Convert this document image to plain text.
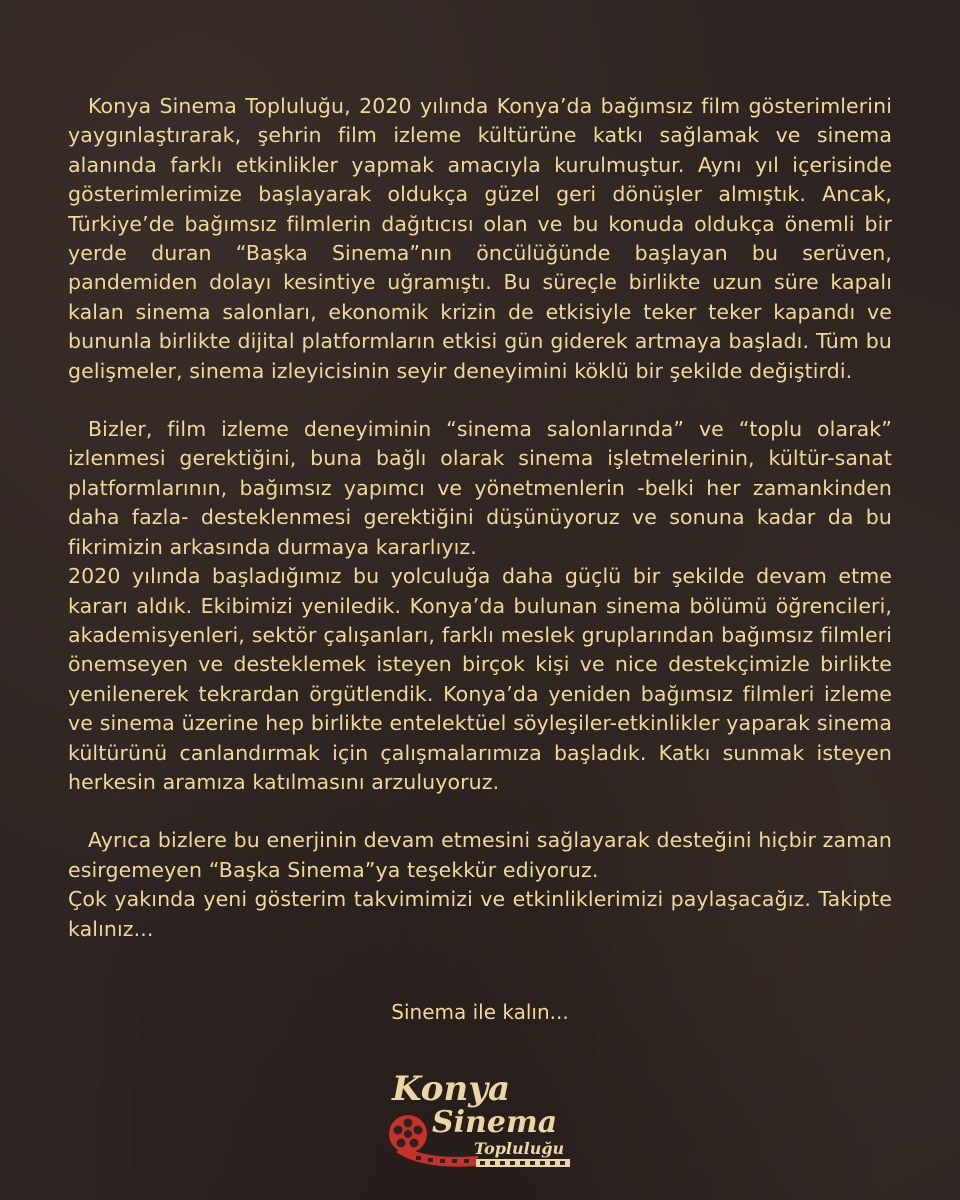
Konya Sinema Topluluğu, 2020 yılında Konya’da bağımsız film gösterimlerini yaygınlaştırarak, şehrin film izleme kültürüne katkı sağlamak ve sinema alanında farklı etkinlikler yapmak amacıyla kurulmuştur. Aynı yıl içerisinde gösterimlerimize başlayarak oldukça güzel geri dönüşler almıştık. Ancak, Türkiye’de bağımsız filmlerin dağıtıcısı olan ve bu konuda oldukça önemli bir yerde duran “Başka Sinema”nın öncülüğünde başlayan bu serüven, pandemiden dolayı kesintiye uğramıştı. Bu süreçle birlikte uzun süre kapalı kalan sinema salonları, ekonomik krizin de etkisiyle teker teker kapandı ve bununla birlikte dijital platformların etkisi gün giderek artmaya başladı. Tüm bu gelişmeler, sinema izleyicisinin seyir deneyimini köklü bir şekilde değiştirdi.

Bizler, film izleme deneyiminin “sinema salonlarında” ve “toplu olarak” izlenmesi gerektiğini, buna bağlı olarak sinema işletmelerinin, kültür-sanat platformlarının, bağımsız yapımcı ve yönetmenlerin -belki her zamankinden daha fazla- desteklenmesi gerektiğini düşünüyoruz ve sonuna kadar da bu fikrimizin arkasında durmaya kararlıyız.

2020 yılında başladığımız bu yolculuğa daha güçlü bir şekilde devam etme kararı aldık. Ekibimizi yeniledik. Konya’da bulunan sinema bölümü öğrencileri, akademisyenleri, sektör çalışanları, farklı meslek gruplarından bağımsız filmleri önemseyen ve desteklemek isteyen birçok kişi ve nice destekçimizle birlikte yenilenerek tekrardan örgütlendik. Konya’da yeniden bağımsız filmleri izleme ve sinema üzerine hep birlikte entelektüel söyleşiler-etkinlikler yaparak sinema kültürünü canlandırmak için çalışmalarımıza başladık. Katkı sunmak isteyen herkesin aramıza katılmasını arzuluyoruz.

Ayrıca bizlere bu enerjinin devam etmesini sağlayarak desteğini hiçbir zaman esirgemeyen “Başka Sinema”ya teşekkür ediyoruz.

Çok yakında yeni gösterim takvimimizi ve etkinliklerimizi paylaşacağız. Takipte kalınız...

Sinema ile kalın...
Konya
Sinema
Topluluğu
